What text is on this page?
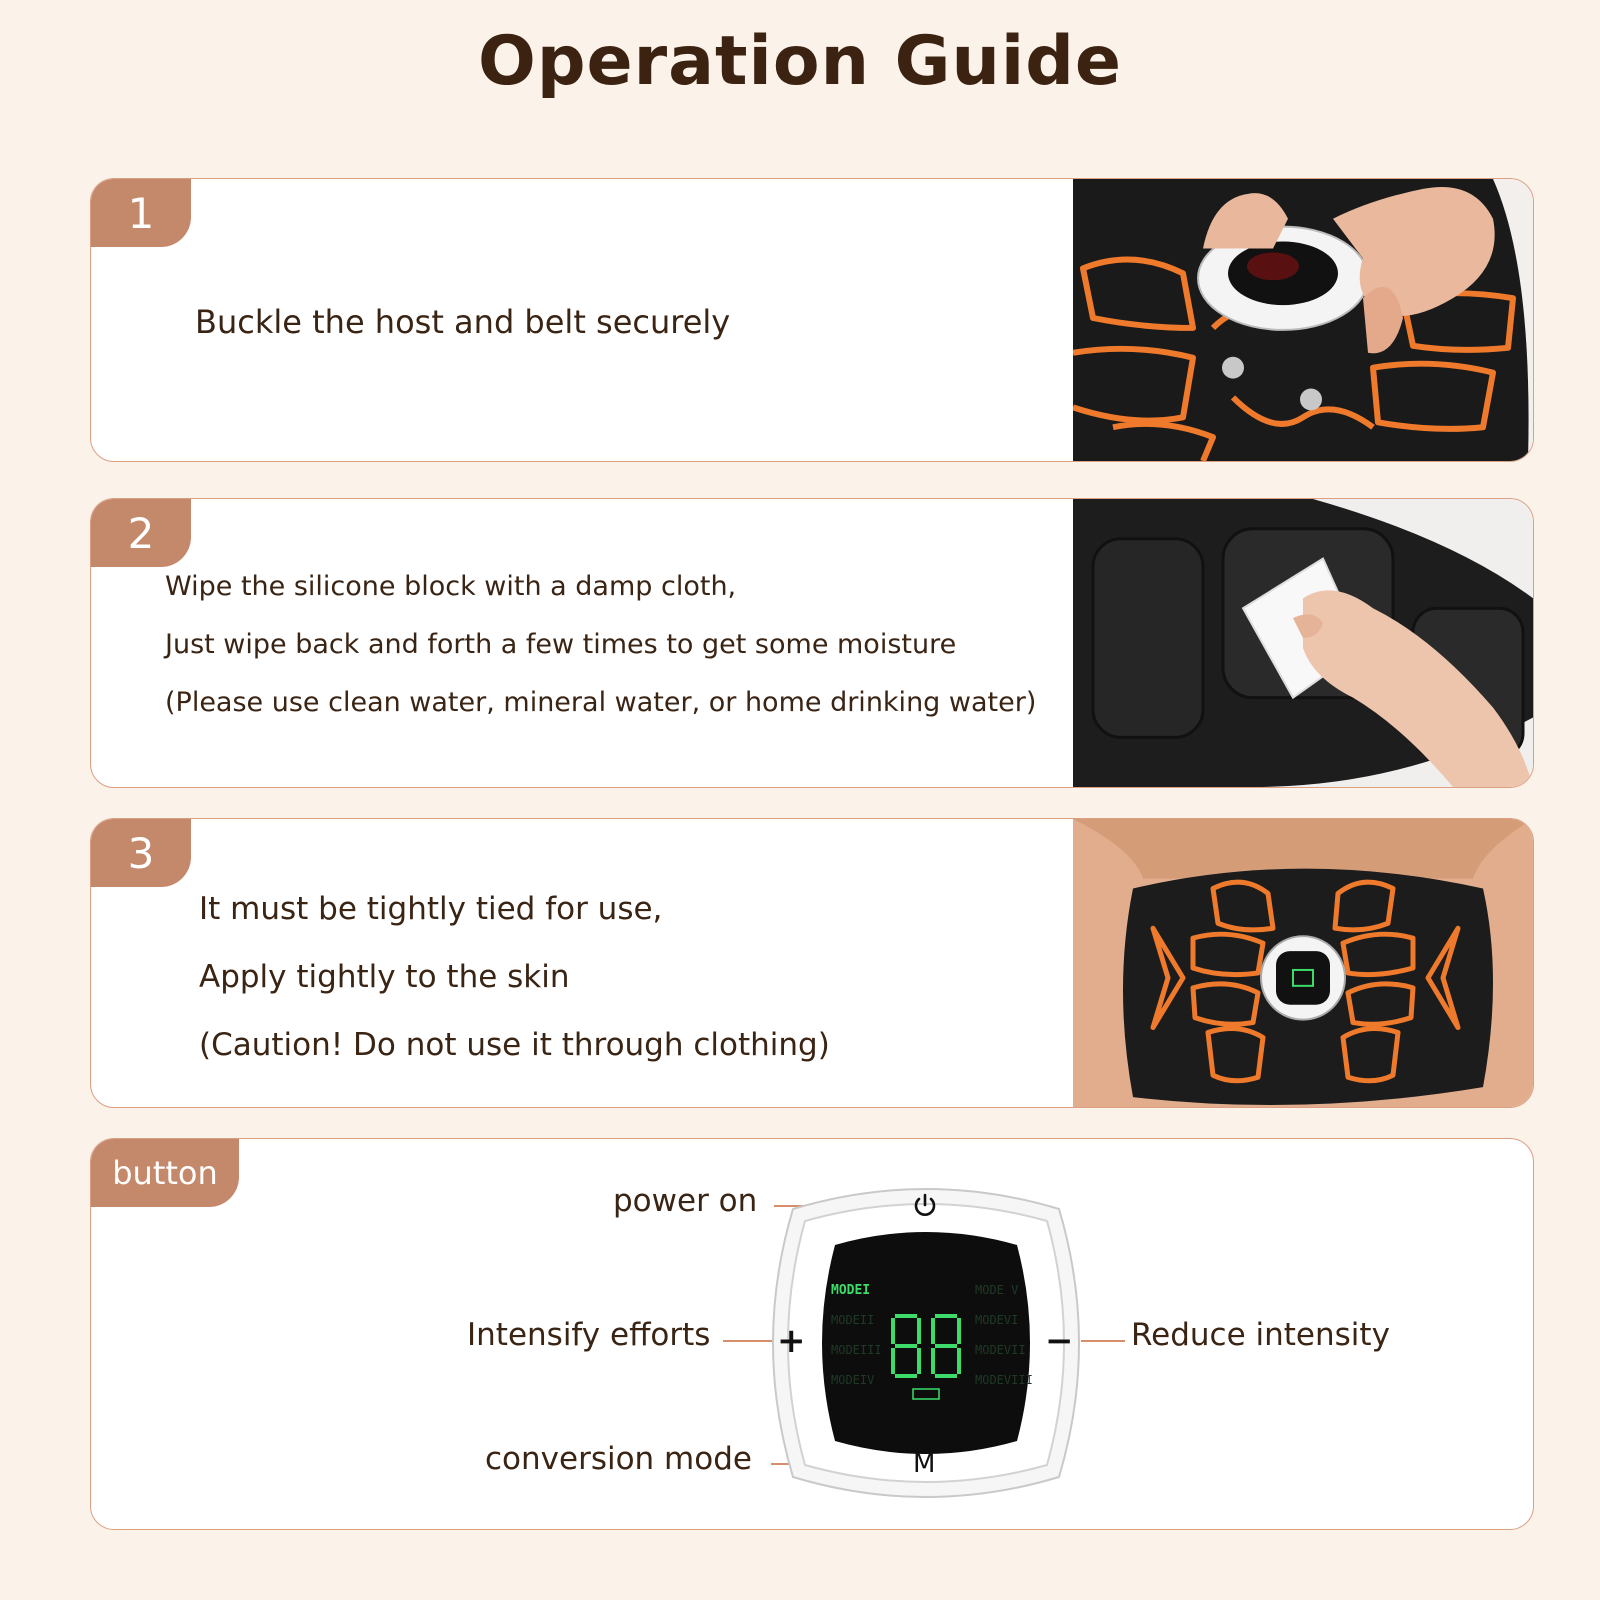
Operation Guide
1
Buckle the host and belt securely
2
Wipe the silicone block with a damp cloth,
Just wipe back and forth a few times to get some moisture
(Please use clean water, mineral water, or home drinking water)
3
It must be tightly tied for use,
Apply tightly to the skin
(Caution! Do not use it through clothing)
button
power on
Intensify efforts	Reduce intensity
conversion mode
MODEI
MODEII
MODEIII
MODEIV
MODE V
MODEVI
MODEVII
MODEVIII
+	−
M
